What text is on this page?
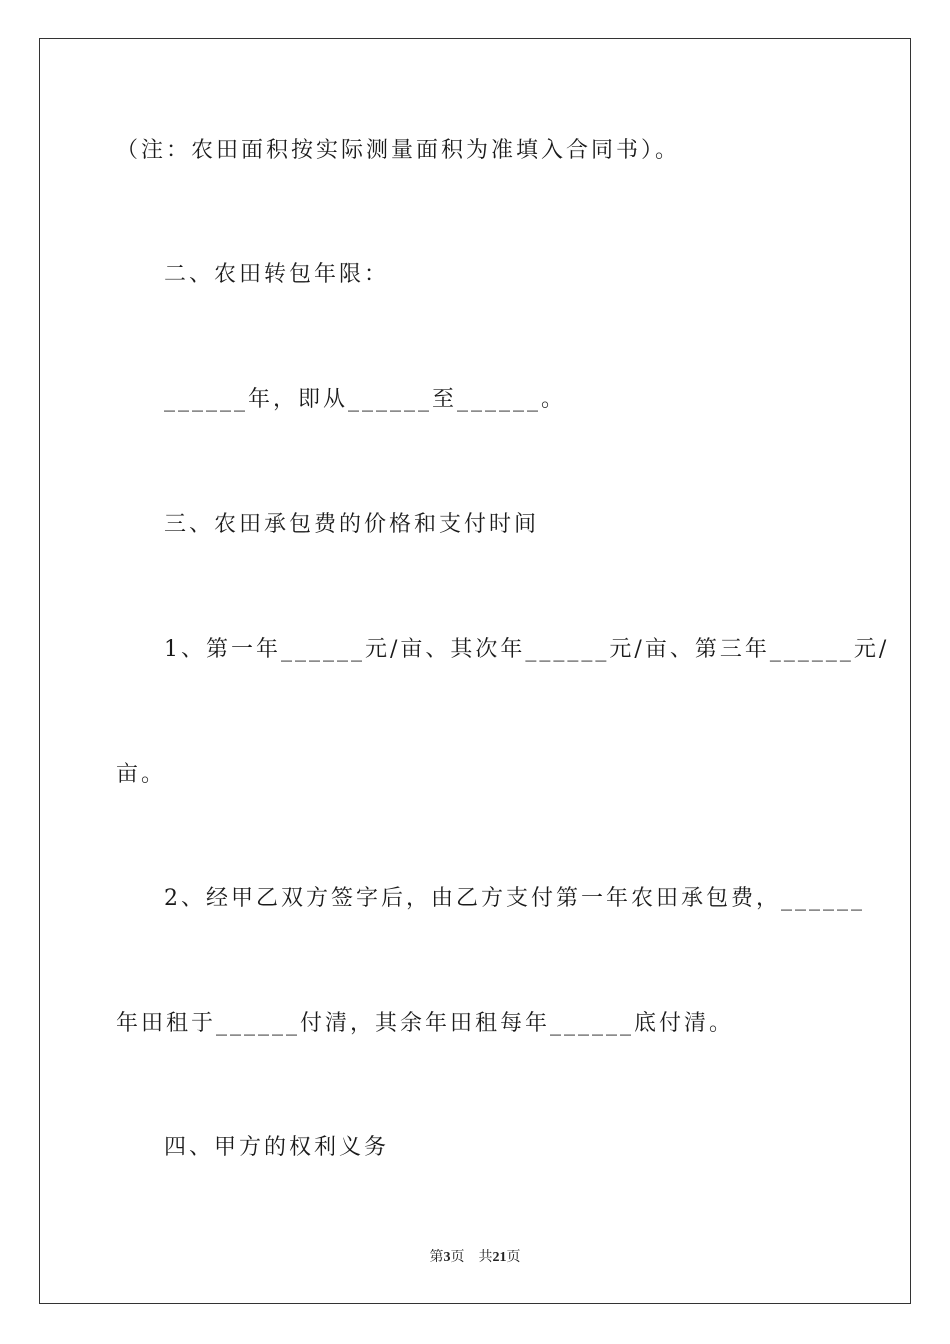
（注：农田面积按实际测量面积为准填入合同书）。
二、农田转包年限：
______年，即从______至______。
三、农田承包费的价格和支付时间
1、第一年______元/亩、其次年______元/亩、第三年______元/
亩。
2、经甲乙双方签字后，由乙方支付第一年农田承包费，______
年田租于______付清，其余年田租每年______底付清。
四、甲方的权利义务
第3页 共21页
